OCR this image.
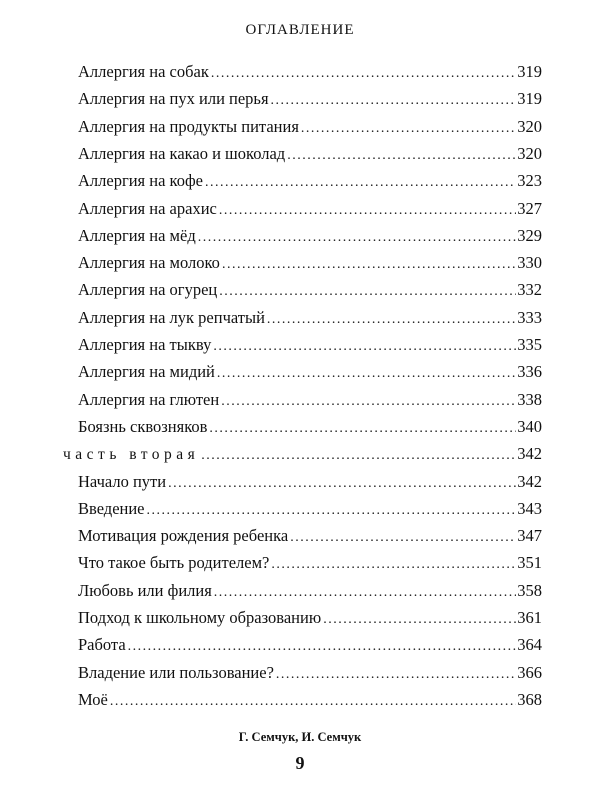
ОГЛАВЛЕНИЕ
Аллергия на собак .....	319
Аллергия на пух или перья .....	319
Аллергия на продукты питания .....	320
Аллергия на какао и шоколад .....	320
Аллергия на кофе .....	323
Аллергия на арахис .....	327
Аллергия на мёд .....	329
Аллергия на молоко .....	330
Аллергия на огурец .....	332
Аллергия на лук репчатый .....	333
Аллергия на тыкву .....	335
Аллергия на мидий .....	336
Аллергия на глютен .....	338
Боязнь сквозняков .....	340
часть вторая .....	342
Начало пути .....	342
Введение .....	343
Мотивация рождения ребенка .....	347
Что такое быть родителем? .....	351
Любовь или филия .....	358
Подход к школьному образованию .....	361
Работа .....	364
Владение или пользование? .....	366
Моё .....	368
Г. Семчук, И. Семчук
9
